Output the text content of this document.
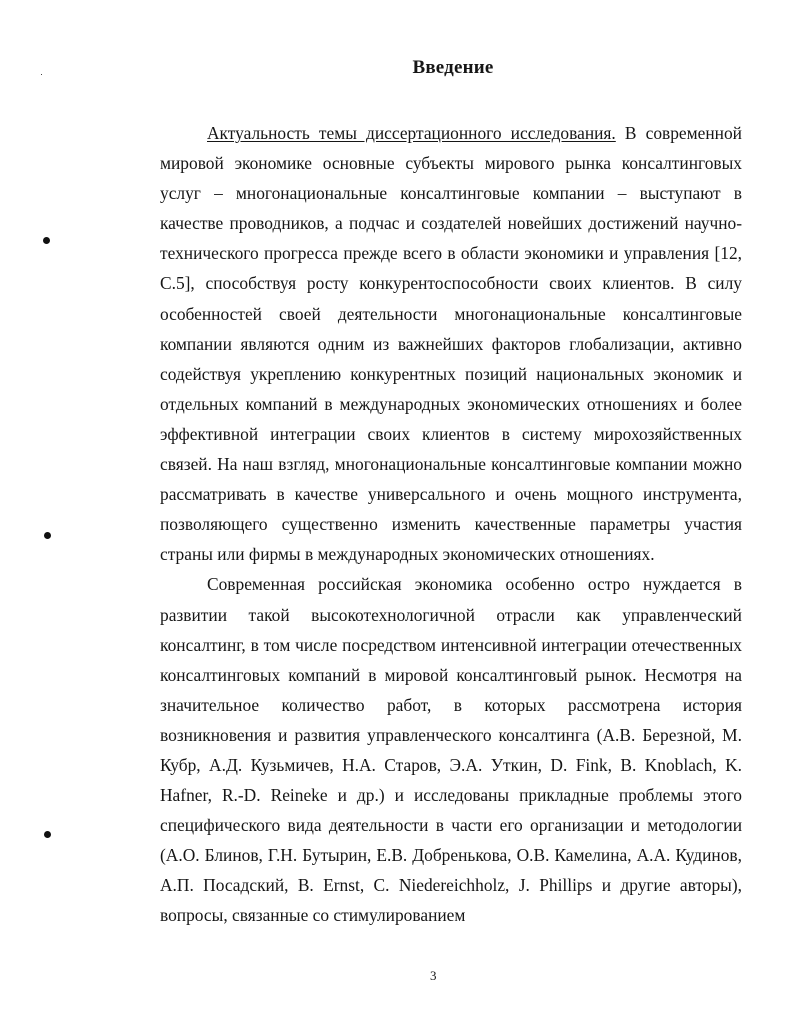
Введение

Актуальность темы диссертационного исследования. В современной мировой экономике основные субъекты мирового рынка консалтинговых услуг – многонациональные консалтинговые компании – выступают в качестве проводников, а подчас и создателей новейших достижений научно-технического прогресса прежде всего в области экономики и управления [12, С.5], способствуя росту конкурентоспособности своих клиентов. В силу особенностей своей деятельности многонациональные консалтинговые компании являются одним из важнейших факторов глобализации, активно содействуя укреплению конкурентных позиций национальных экономик и отдельных компаний в международных экономических отношениях и более эффективной интеграции своих клиентов в систему мирохозяйственных связей. На наш взгляд, многонациональные консалтинговые компании можно рассматривать в качестве универсального и очень мощного инструмента, позволяющего существенно изменить качественные параметры участия страны или фирмы в международных экономических отношениях.

Современная российская экономика особенно остро нуждается в развитии такой высокотехнологичной отрасли как управленческий консалтинг, в том числе посредством интенсивной интеграции отечественных консалтинговых компаний в мировой консалтинговый рынок. Несмотря на значительное количество работ, в которых рассмотрена история возникновения и развития управленческого консалтинга (А.В. Березной, М. Кубр, А.Д. Кузьмичев, Н.А. Старов, Э.А. Уткин, D. Fink, B. Knoblach, K. Hafner, R.-D. Reineke и др.) и исследованы прикладные проблемы этого специфического вида деятельности в части его организации и методологии (А.О. Блинов, Г.Н. Бутырин, Е.В. Добренькова, О.В. Камелина, А.А. Кудинов, А.П. Посадский, B. Ernst, C. Niedereichholz, J. Phillips и другие авторы), вопросы, связанные со стимулированием

3
